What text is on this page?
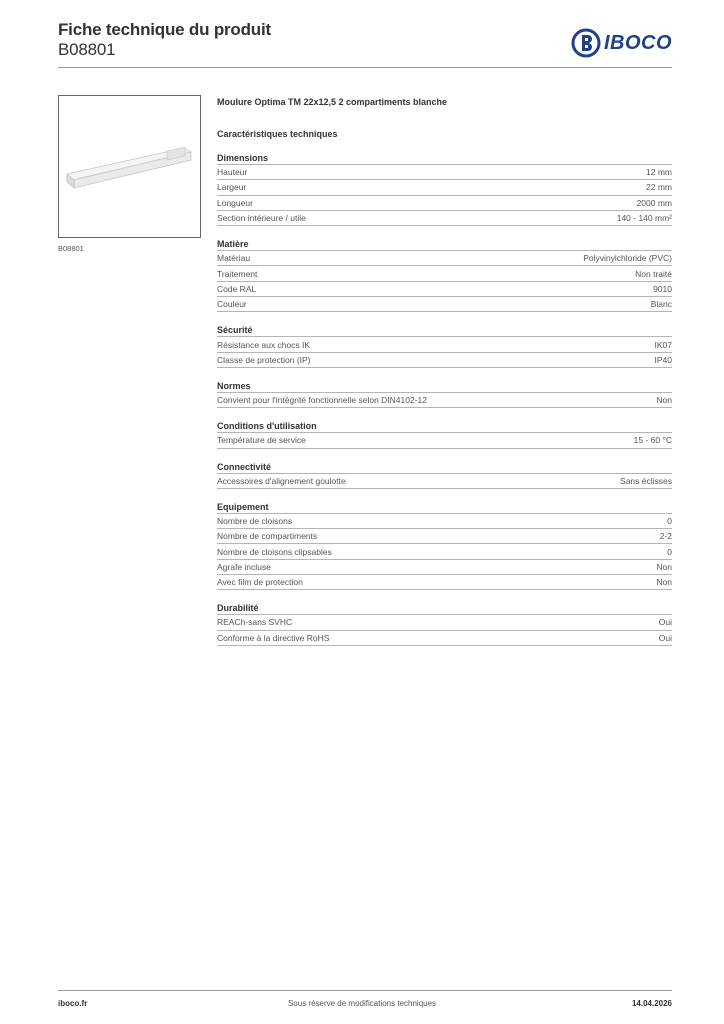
Fiche technique du produit
B08801	IBOCO
B08801
Moulure Optima TM 22x12,5 2 compartiments blanche
Caractéristiques techniques
Dimensions
Hauteur	12 mm
Largeur	22 mm
Longueur	2000 mm
Section intérieure / utile	140 - 140 mm²
Matière
Matériau	Polyvinylchloride (PVC)
Traitement	Non traité
Code RAL	9010
Couleur	Blanc
Sécurité
Résistance aux chocs IK	IK07
Classe de protection (IP)	IP40
Normes
Convient pour l'intégrité fonctionnelle selon DIN4102-12	Non
Conditions d'utilisation
Température de service	15 - 60 °C
Connectivité
Accessoires d'alignement goulotte	Sans éclisses
Equipement
Nombre de cloisons	0
Nombre de compartiments	2-2
Nombre de cloisons clipsables	0
Agrafe incluse	Non
Avec film de protection	Non
Durabilité
REACh-sans SVHC	Oui
Conforme à la directive RoHS	Oui
iboco.fr	Sous réserve de modifications techniques	14.04.2026
